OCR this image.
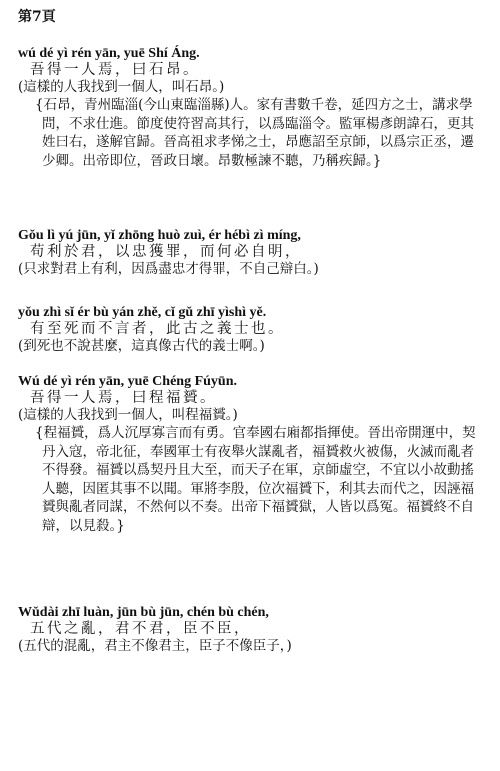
第7頁
wú dé yì rén yān, yuē Shí Áng.
吾得一人焉，曰石昂。
(這樣的人我找到一個人，叫石昂。)
{石昂，青州臨淄(今山東臨淄縣)人。家有書數千卷，延四方之士，講求學問，不求仕進。節度使符習高其行，以爲臨淄令。監軍楊彥朗諱石，更其姓曰右，遂解官歸。晉高祖求孝悌之士，昂應詔至京師，以爲宗正丞，遷少卿。出帝即位，晉政日壞。昂數極諫不聽，乃稱疾歸。}
Gǒu lì yú jūn, yǐ zhōng huò zuì, ér hébì zì míng,
苟利於君，以忠獲罪，而何必自明，
(只求對君上有利，因爲盡忠才得罪，不自己辯白。)
yǒu zhì sǐ ér bù yán zhě, cǐ gǔ zhī yìshì yě.
有至死而不言者，此古之義士也。
(到死也不說甚麼，這真像古代的義士啊。)
Wú dé yì rén yān, yuē Chéng Fúyūn.
吾得一人焉，曰程福贇。
(這樣的人我找到一個人，叫程福贇。)
{程福贇，爲人沉厚寡言而有勇。官奉國右廂都指揮使。晉出帝開運中，契丹入寇，帝北征，奉國軍士有夜舉火謀亂者，福贇救火被傷，火滅而亂者不得發。福贇以爲契丹且大至，而天子在軍，京師虛空，不宜以小故動搖人聽，因匿其事不以聞。軍將李殷，位次福贇下，利其去而代之，因誣福贇與亂者同謀，不然何以不奏。出帝下福贇獄，人皆以爲冤。福贇終不自辯，以見殺。}
Wǔdài zhī luàn, jūn bù jūn, chén bù chén,
五代之亂，君不君，臣不臣，
(五代的混亂，君主不像君主，臣子不像臣子，)
